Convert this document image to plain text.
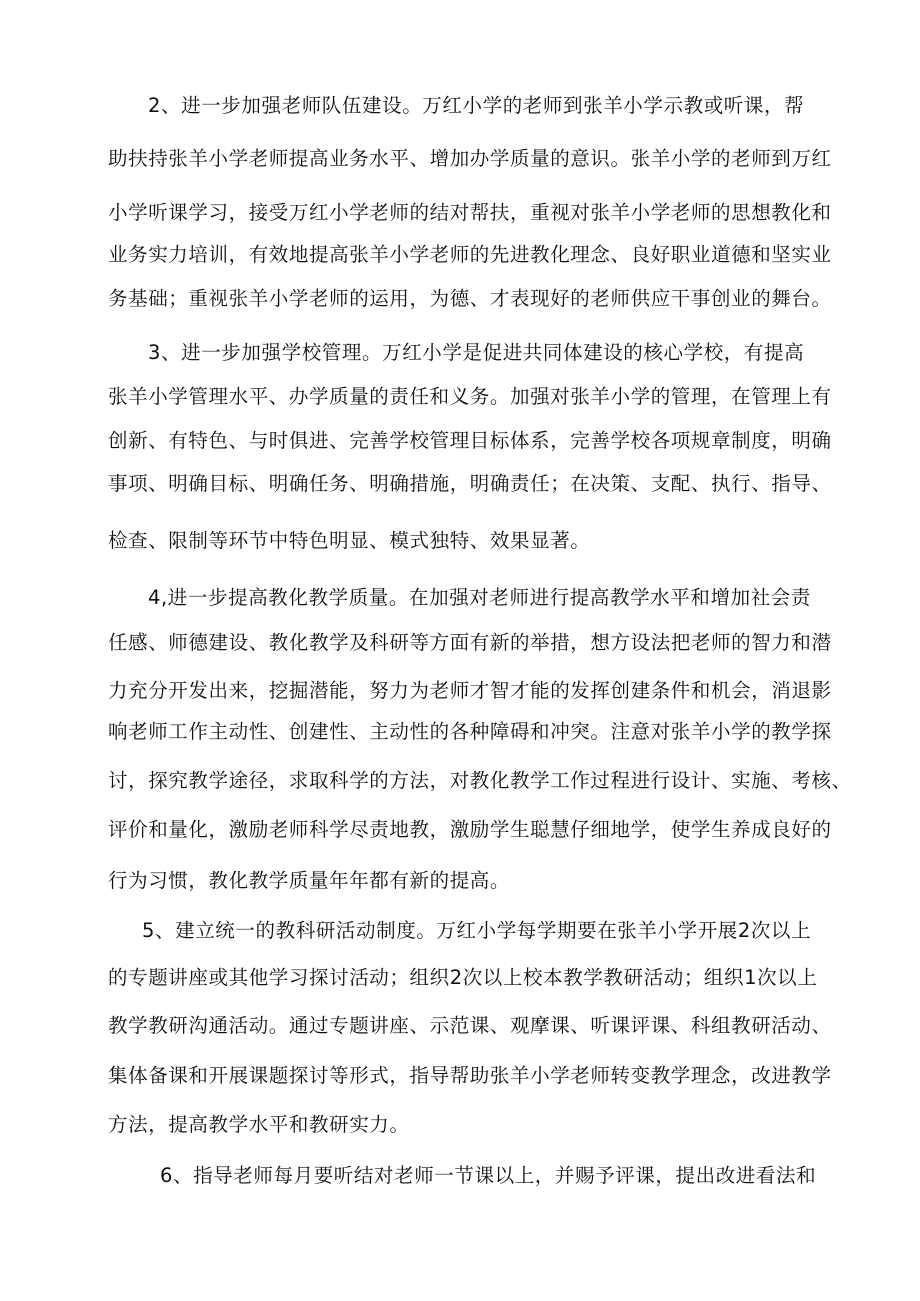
2、进一步加强老师队伍建设。万红小学的老师到张羊小学示教或听课，帮
助扶持张羊小学老师提高业务水平、增加办学质量的意识。张羊小学的老师到万红
小学听课学习，接受万红小学老师的结对帮扶，重视对张羊小学老师的思想教化和
业务实力培训，有效地提高张羊小学老师的先进教化理念、良好职业道德和坚实业
务基础；重视张羊小学老师的运用，为德、才表现好的老师供应干事创业的舞台。
3、进一步加强学校管理。万红小学是促进共同体建设的核心学校，有提高
张羊小学管理水平、办学质量的责任和义务。加强对张羊小学的管理，在管理上有
创新、有特色、与时俱进、完善学校管理目标体系，完善学校各项规章制度，明确
事项、明确目标、明确任务、明确措施，明确责任；在决策、支配、执行、指导、
检查、限制等环节中特色明显、模式独特、效果显著。
4,进一步提高教化教学质量。在加强对老师进行提高教学水平和增加社会责
任感、师德建设、教化教学及科研等方面有新的举措，想方设法把老师的智力和潜
力充分开发出来，挖掘潜能，努力为老师才智才能的发挥创建条件和机会，消退影
响老师工作主动性、创建性、主动性的各种障碍和冲突。注意对张羊小学的教学探
讨，探究教学途径，求取科学的方法，对教化教学工作过程进行设计、实施、考核、
评价和量化，激励老师科学尽责地教，激励学生聪慧仔细地学，使学生养成良好的
行为习惯，教化教学质量年年都有新的提高。
5、建立统一的教科研活动制度。万红小学每学期要在张羊小学开展2次以上
的专题讲座或其他学习探讨活动；组织2次以上校本教学教研活动；组织1次以上
教学教研沟通活动。通过专题讲座、示范课、观摩课、听课评课、科组教研活动、
集体备课和开展课题探讨等形式，指导帮助张羊小学老师转变教学理念，改进教学
方法，提高教学水平和教研实力。
6、指导老师每月要听结对老师一节课以上，并赐予评课，提出改进看法和
